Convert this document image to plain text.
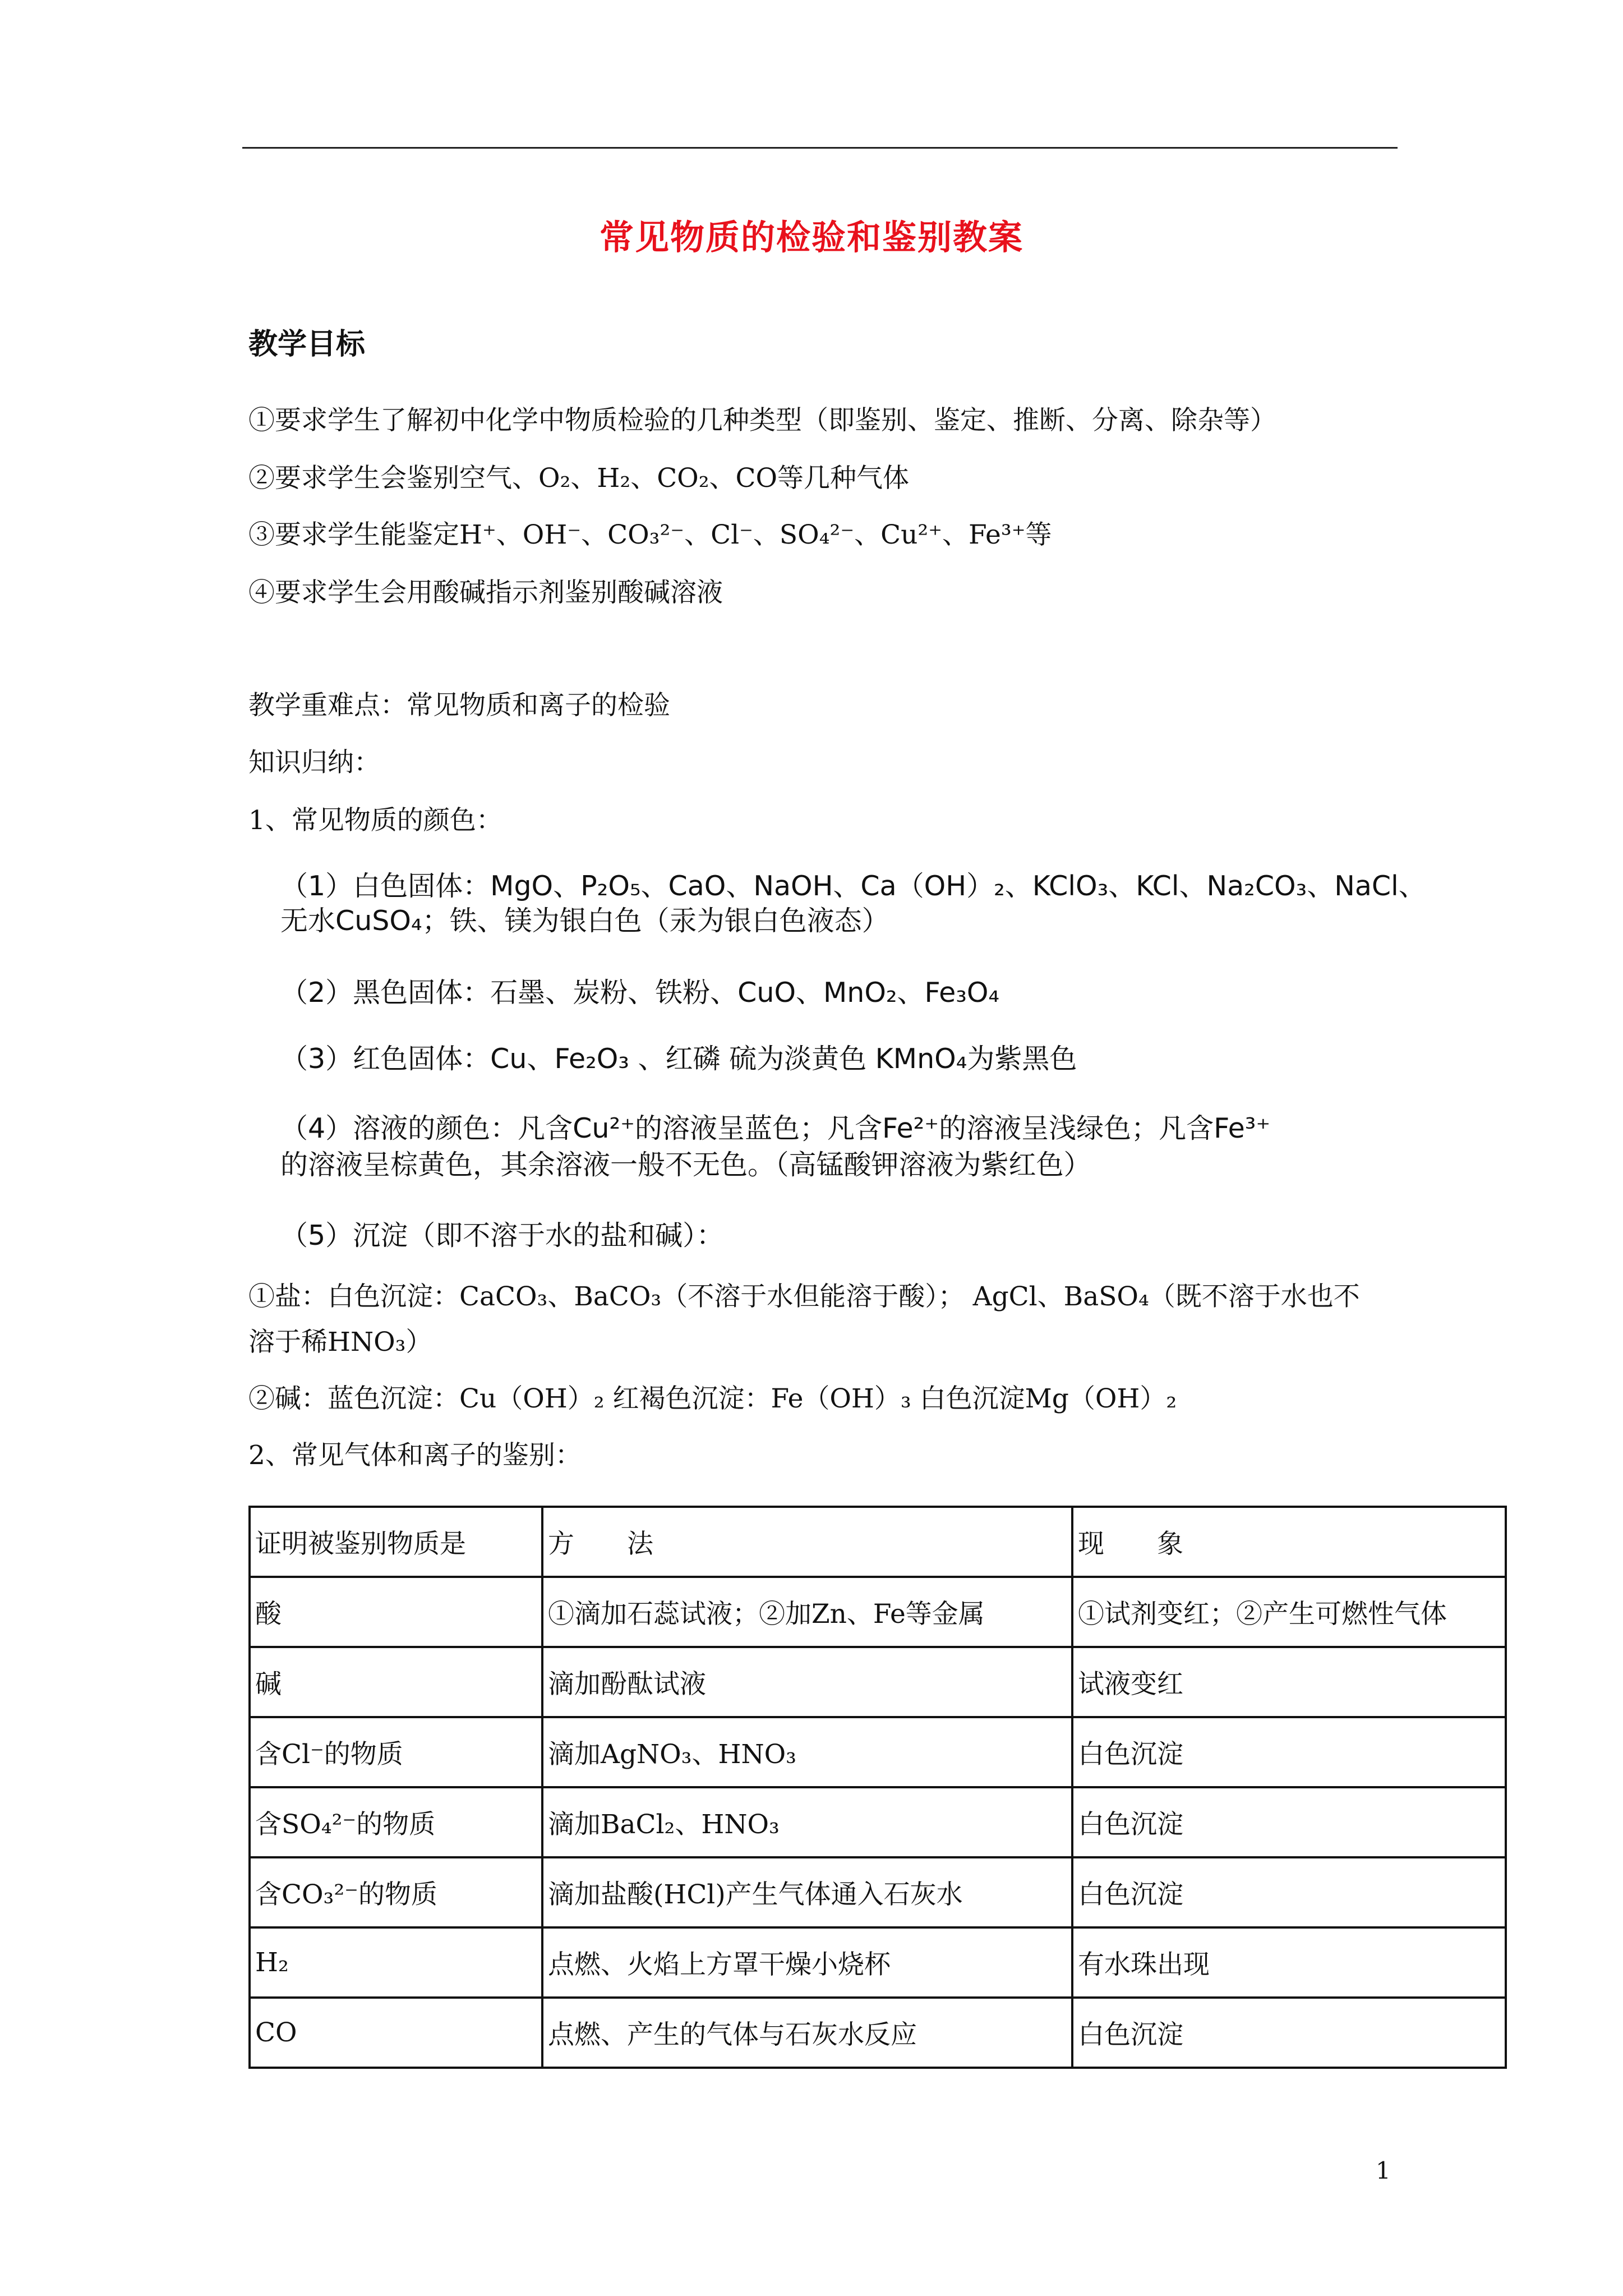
常见物质的检验和鉴别教案
教学目标
①要求学生了解初中化学中物质检验的几种类型（即鉴别、鉴定、推断、分离、除杂等）
②要求学生会鉴别空气、O₂、H₂、CO₂、CO等几种气体
③要求学生能鉴定H⁺、OH⁻、CO₃²⁻、Cl⁻、SO₄²⁻、Cu²⁺、Fe³⁺等
④要求学生会用酸碱指示剂鉴别酸碱溶液
教学重难点：常见物质和离子的检验
知识归纳：
1、常见物质的颜色：
（1）白色固体：MgO、P₂O₅、CaO、NaOH、Ca（OH）₂、KClO₃、KCl、Na₂CO₃、NaCl、
无水CuSO₄；铁、镁为银白色（汞为银白色液态）
（2）黑色固体：石墨、炭粉、铁粉、CuO、MnO₂、Fe₃O₄
（3）红色固体：Cu、Fe₂O₃ 、红磷 硫为淡黄色 KMnO₄为紫黑色
（4）溶液的颜色：凡含Cu²⁺的溶液呈蓝色；凡含Fe²⁺的溶液呈浅绿色；凡含Fe³⁺
的溶液呈棕黄色，其余溶液一般不无色。（高锰酸钾溶液为紫红色）
（5）沉淀（即不溶于水的盐和碱）：
①盐：白色沉淀：CaCO₃、BaCO₃（不溶于水但能溶于酸）； AgCl、BaSO₄（既不溶于水也不
溶于稀HNO₃）
②碱：蓝色沉淀：Cu（OH）₂ 红褐色沉淀：Fe（OH）₃ 白色沉淀Mg（OH）₂
2、常见气体和离子的鉴别：
证明被鉴别物质是	方　　法	现　　象
酸	①滴加石蕊试液；②加Zn、Fe等金属	①试剂变红；②产生可燃性气体
碱	滴加酚酞试液	试液变红
含Cl⁻的物质	滴加AgNO₃、HNO₃	白色沉淀
含SO₄²⁻的物质	滴加BaCl₂、HNO₃	白色沉淀
含CO₃²⁻的物质	滴加盐酸(HCl)产生气体通入石灰水	白色沉淀
H₂	点燃、火焰上方罩干燥小烧杯	有水珠出现
CO	点燃、产生的气体与石灰水反应	白色沉淀
1
